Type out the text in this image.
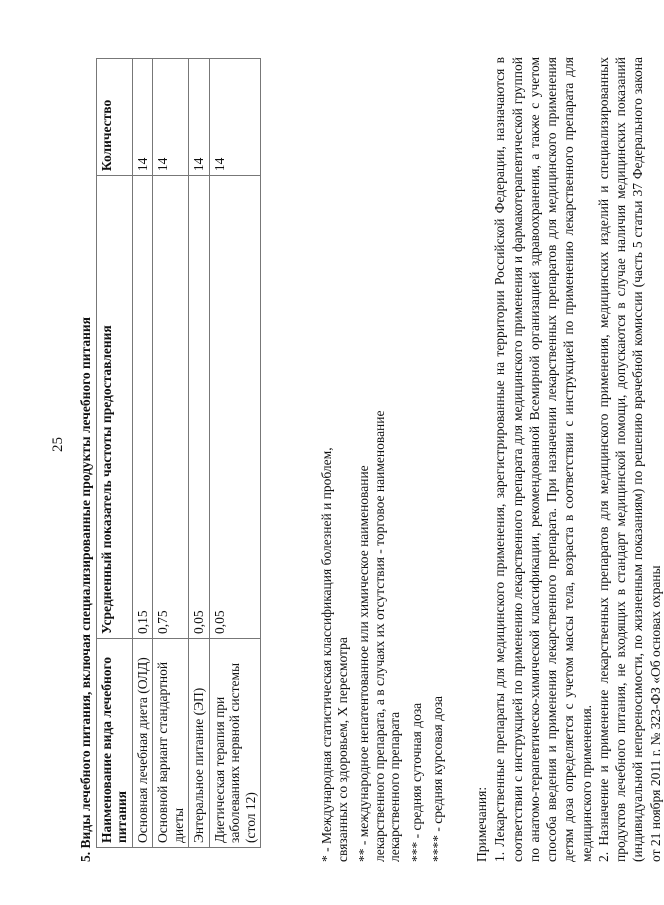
25 5. Виды лечебного питания, включая специализированные продукты лечебного питания Наименование вида лечебного питания	Усредненный показатель частоты предоставления	Количество
Основная лечебная диета (ОЛД)	0,15	14
Основной вариант стандартной диеты	0,75	14
Энтеральное питание (ЭП)	0,05	14
Диетическая терапия при заболеваниях нервной системы (стол 12)	0,05	14

* - Международная статистическая классификация болезней и проблем, связанных со здоровьем, X пересмотра ** - международное непатентованное или химическое наименование лекарственного препарата, а в случаях их отсутствия - торговое наименование лекарственного препарата *** - средняя суточная доза **** - средняя курсовая доза Примечания: 1. Лекарственные препараты для медицинского применения, зарегистрированные на территории Российской Федерации, назначаются в соответствии с инструкцией по применению лекарственного препарата для медицинского применения и фармакотерапевтической группой по анатомо-терапевтическо-химической классификации, рекомендованной Всемирной организацией здравоохранения, а также с учетом способа введения и применения лекарственного препарата. При назначении лекарственных препаратов для медицинского применения детям доза определяется с учетом массы тела, возраста в соответствии с инструкцией по применению лекарственного препарата для медицинского применения. 2. Назначение и применение лекарственных препаратов для медицинского применения, медицинских изделий и специализированных продуктов лечебного питания, не входящих в стандарт медицинской помощи, допускаются в случае наличия медицинских показаний (индивидуальной непереносимости, по жизненным показаниям) по решению врачебной комиссии (часть 5 статьи 37 Федерального закона от 21 ноября 2011 г. № 323-ФЗ «Об основах охраны
